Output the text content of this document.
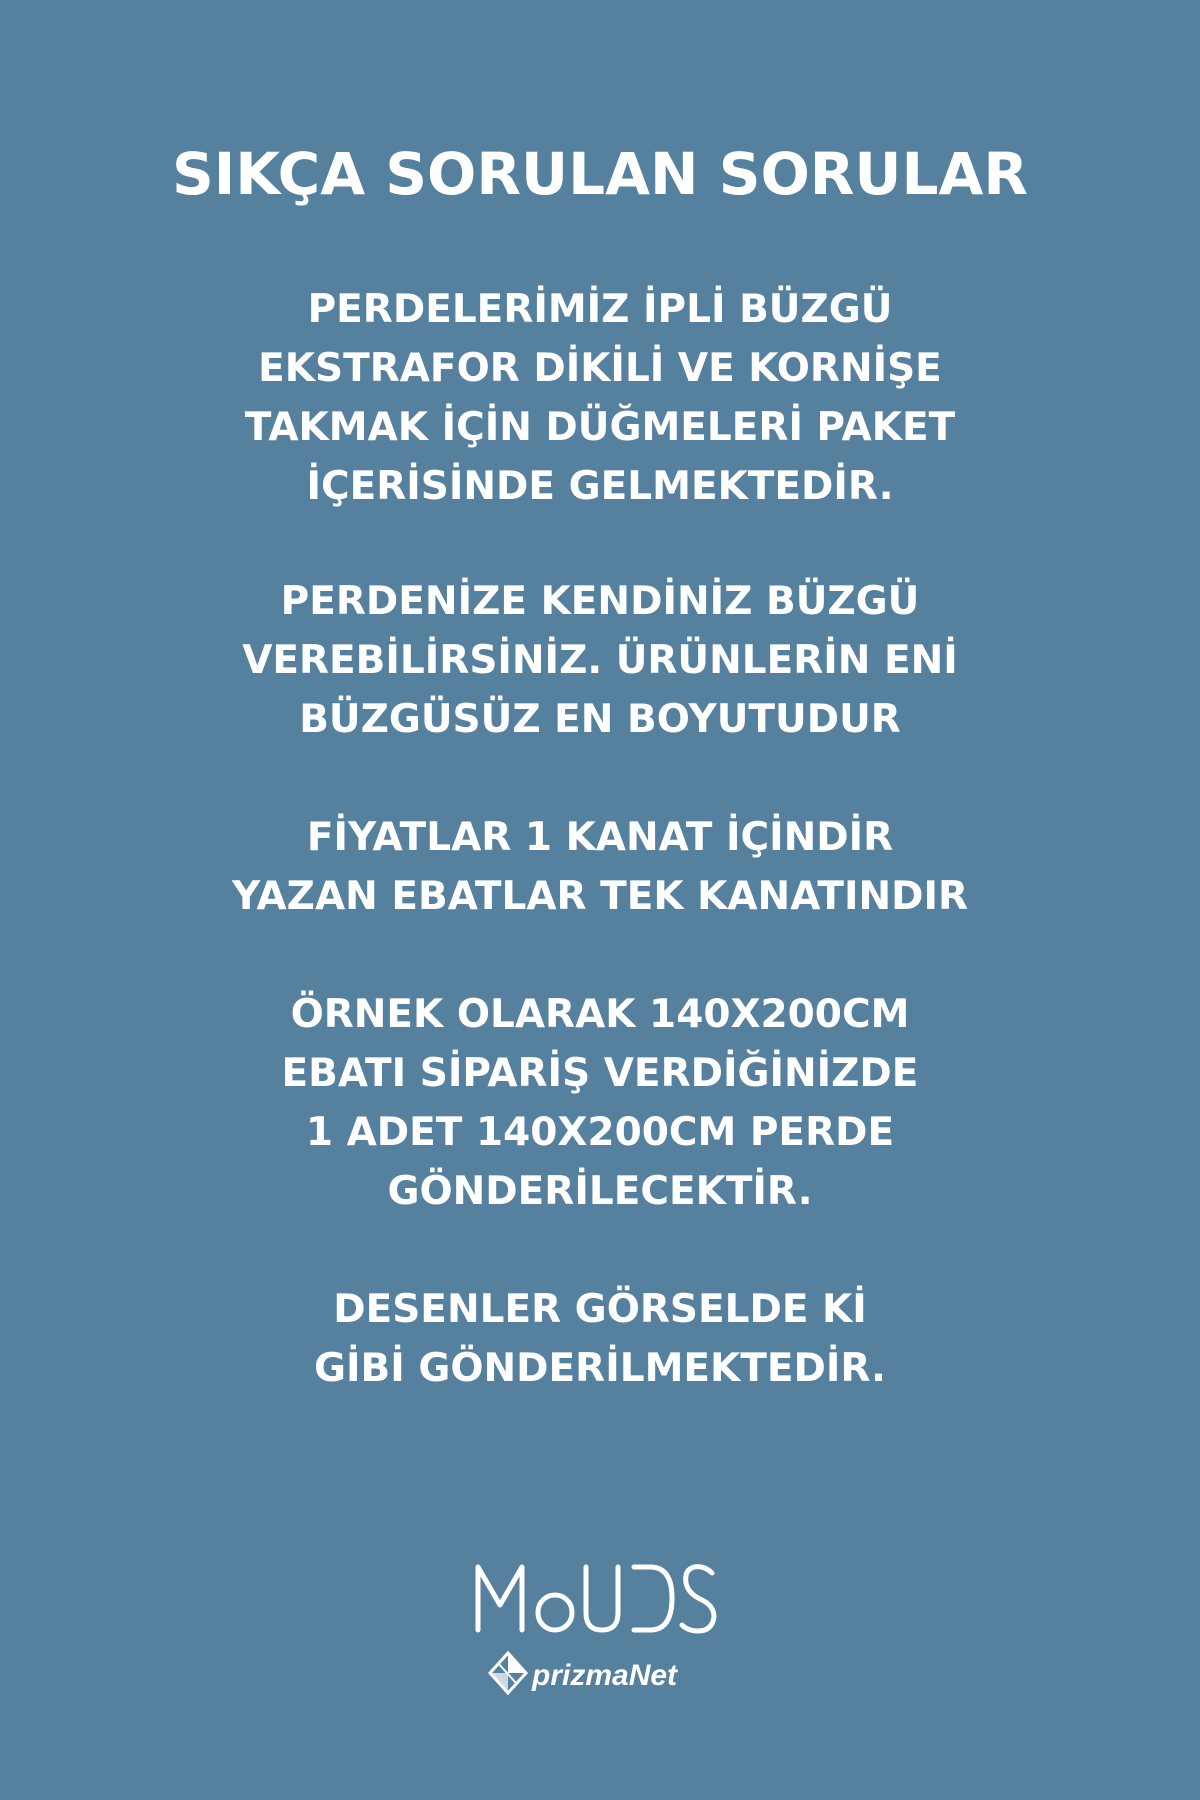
SIKÇA SORULAN SORULAR
PERDELERİMİZ İPLİ BÜZGÜ
EKSTRAFOR DİKİLİ VE KORNİŞE
TAKMAK İÇİN DÜĞMELERİ PAKET
İÇERİSİNDE GELMEKTEDİR.
PERDENİZE KENDİNİZ BÜZGÜ
VEREBİLİRSİNİZ. ÜRÜNLERİN ENİ
BÜZGÜSÜZ EN BOYUTUDUR
FİYATLAR 1 KANAT İÇİNDİR
YAZAN EBATLAR TEK KANATINDIR
ÖRNEK OLARAK 140X200CM
EBATI SİPARİŞ VERDİĞİNİZDE
1 ADET 140X200CM PERDE
GÖNDERİLECEKTİR.
DESENLER GÖRSELDE Kİ
GİBİ GÖNDERİLMEKTEDİR.
prizmaNet
